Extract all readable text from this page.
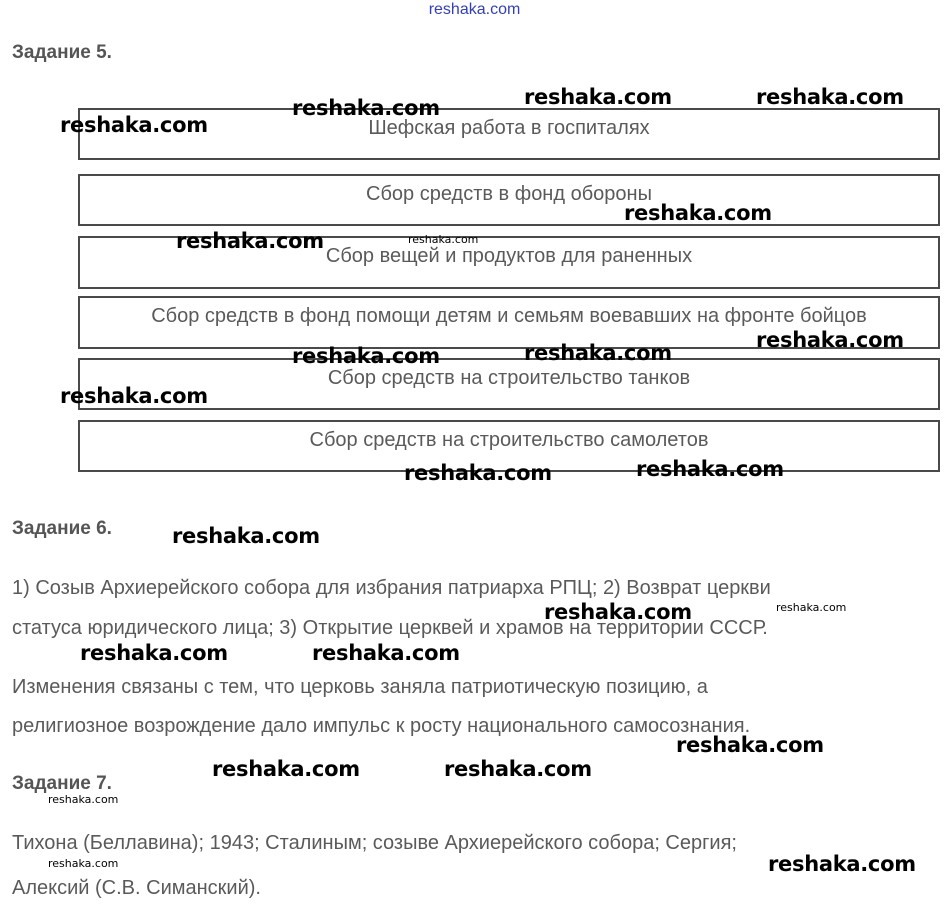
reshaka.com
Задание 5.
Шефская работа в госпиталях
Сбор средств в фонд обороны
Сбор вещей и продуктов для раненных
Сбор средств в фонд помощи детям и семьям воевавших на фронте бойцов
Сбор средств на строительство танков
Сбор средств на строительство самолетов
Задание 6.
1) Созыв Архиерейского собора для избрания патриарха РПЦ; 2) Возврат церкви
статуса юридического лица; 3) Открытие церквей и храмов на территории СССР.
Изменения связаны с тем, что церковь заняла патриотическую позицию, а
религиозное возрождение дало импульс к росту национального самосознания.
Задание 7.
Тихона (Беллавина); 1943; Сталиным; созыве Архиерейского собора; Сергия;
Алексий (С.В. Симанский).
reshaka.com	reshaka.com	reshaka.com
reshaka.com
reshaka.com
reshaka.com
reshaka.com	reshaka.com
reshaka.com
reshaka.com
reshaka.com	reshaka.com
reshaka.com
reshaka.com
reshaka.com	reshaka.com
reshaka.com
reshaka.com	reshaka.com
reshaka.com
reshaka.com
reshaka.com
reshaka.com
reshaka.com
